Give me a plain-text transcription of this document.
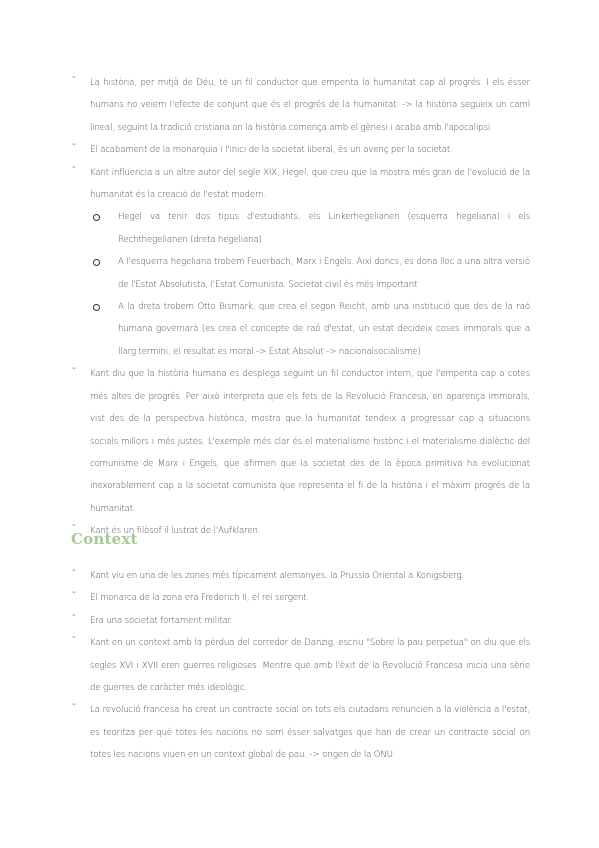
- La història, per mitjà de Déu, té un fil conductor que empenta la humanitat cap al progrés. I els ésser humans no veiem l'efecte de conjunt que és el progrés de la humanitat. -> la història segueix un camí lineal, seguint la tradició cristiana on la història comença amb el gènesi i acaba amb l'apocalipsi
- El acabament de la monarquia i l'inici de la societat liberal, és un avenç per la societat.
- Kant influencia a un altre autor del segle XIX, Hegel, que creu que la mostra més gran de l'evolució de la humanitat és la creació de l'estat modern.
Hegel va tenir dos tipus d'estudiants, els Linkerhegelianen (esquerra hegeliana) i els Rechthegelianen (dreta hegeliana)
A l'esquerra hegeliana trobem Feuerbach, Marx i Engels. Així doncs, es dona lloc a una altra versió de l'Estat Absolutista, l'Estat Comunista. Societat civil és més important
A la dreta trobem Otto Bismark, que crea el segon Reicht, amb una institució que des de la raó humana governarà (es crea el concepte de raó d'estat, un estat decideix coses immorals que a llarg termini, el resultat es moral -> Estat Absolut -> nacionalsocialisme)
- Kant diu que la història humana es desplega seguint un fil conductor intern, que l'empenta cap a cotes més altes de progrés. Per això interpreta que els fets de la Revolució Francesa, en aparença immorals, vist des de la perspectiva històrica, mostra que la humanitat tendeix a progressar cap a situacions socials millors i més justes. L'exemple més clar és el materialisme històric i el materialisme dialèctic del comunisme de Marx i Engels, que afirmen que la societat des de la època primitiva ha evolucionat inexorablement cap a la societat comunista que representa el fi de la història i el màxim progrés de la humanitat.
- Kant és un filòsof il·lustrat de l'Aufklaren.
Context
- Kant viu en una de les zones més típicament alemanyes, la Prussia Oriental a Konigsberg.
- El monarca de la zona era Frederich II, el rei sergent.
- Era una societat fortament militar.
- Kant en un context amb la pèrdua del corredor de Danzig, escriu "Sobre la pau perpetua" on diu que els segles XVI i XVII eren guerres religioses. Mentre que amb l'èxit de la Revolució Francesa inicia una sèrie de guerres de caràcter més ideològic.
- La revolució francesa ha creat un contracte social on tots els ciutadans renuncien a la violència a l'estat, es teoritza per què totes les nacions no som ésser salvatges que han de crear un contracte social on totes les nacions viuen en un context global de pau. -> origen de la ONU
